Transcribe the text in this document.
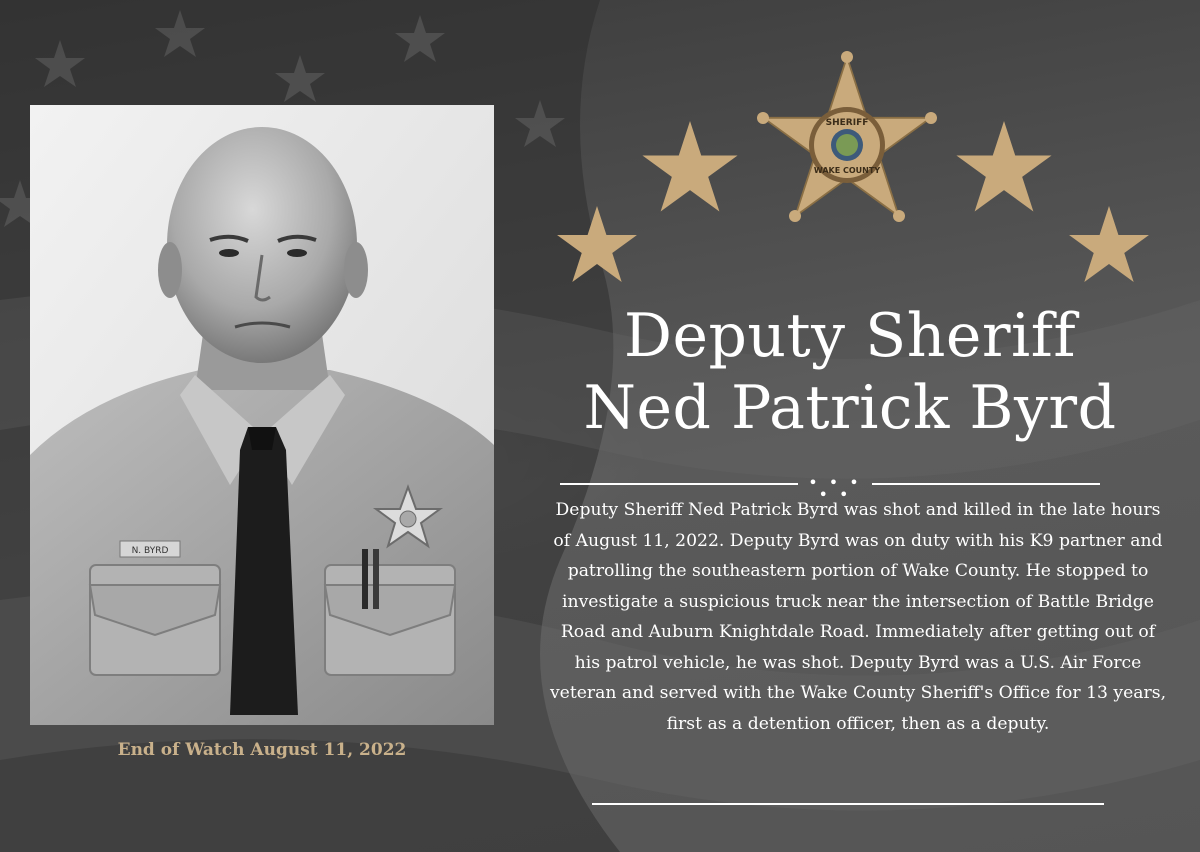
N. BYRD
End of Watch August 11, 2022
SHERIFF
WAKE COUNTY
Deputy Sheriff
Ned Patrick Byrd
• • • • •
Deputy Sheriff Ned Patrick Byrd was shot and killed in the late hours of August 11, 2022. Deputy Byrd was on duty with his K9 partner and patrolling the southeastern portion of Wake County. He stopped to investigate a suspicious truck near the intersection of Battle Bridge Road and Auburn Knightdale Road. Immediately after getting out of his patrol vehicle, he was shot. Deputy Byrd was a U.S. Air Force veteran and served with the Wake County Sheriff's Office for 13 years, first as a detention officer, then as a deputy.
